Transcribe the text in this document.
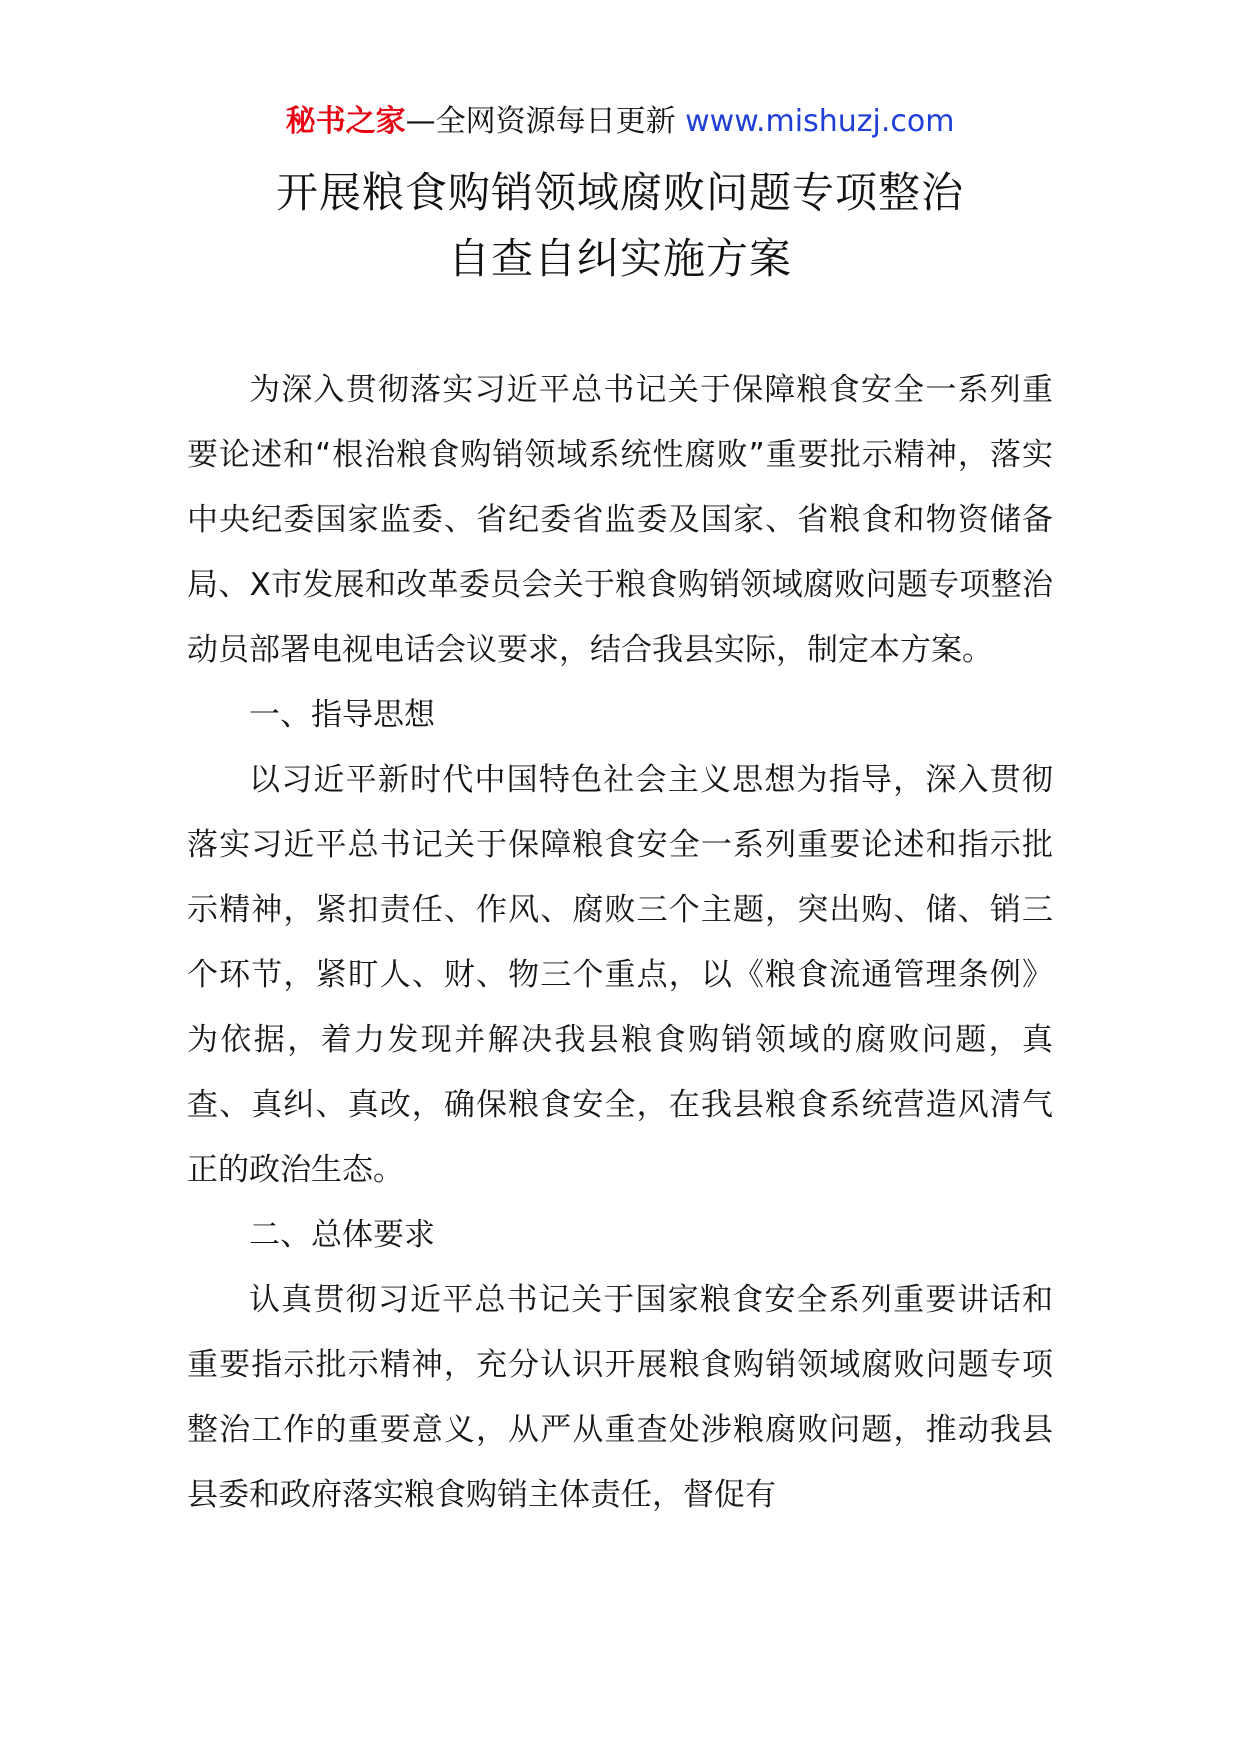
秘书之家—全网资源每日更新 www.mishuzj.com
开展粮食购销领域腐败问题专项整治
自查自纠实施方案

为深入贯彻落实习近平总书记关于保障粮食安全一系列重要论述和“根治粮食购销领域系统性腐败”重要批示精神，落实中央纪委国家监委、省纪委省监委及国家、省粮食和物资储备局、X市发展和改革委员会关于粮食购销领域腐败问题专项整治动员部署电视电话会议要求，结合我县实际，制定本方案。

一、指导思想

以习近平新时代中国特色社会主义思想为指导，深入贯彻落实习近平总书记关于保障粮食安全一系列重要论述和指示批示精神，紧扣责任、作风、腐败三个主题，突出购、储、销三个环节，紧盯人、财、物三个重点，以《粮食流通管理条例》为依据，着力发现并解决我县粮食购销领域的腐败问题，真查、真纠、真改，确保粮食安全，在我县粮食系统营造风清气正的政治生态。

二、总体要求

认真贯彻习近平总书记关于国家粮食安全系列重要讲话和重要指示批示精神，充分认识开展粮食购销领域腐败问题专项整治工作的重要意义，从严从重查处涉粮腐败问题，推动我县县委和政府落实粮食购销主体责任，督促有
